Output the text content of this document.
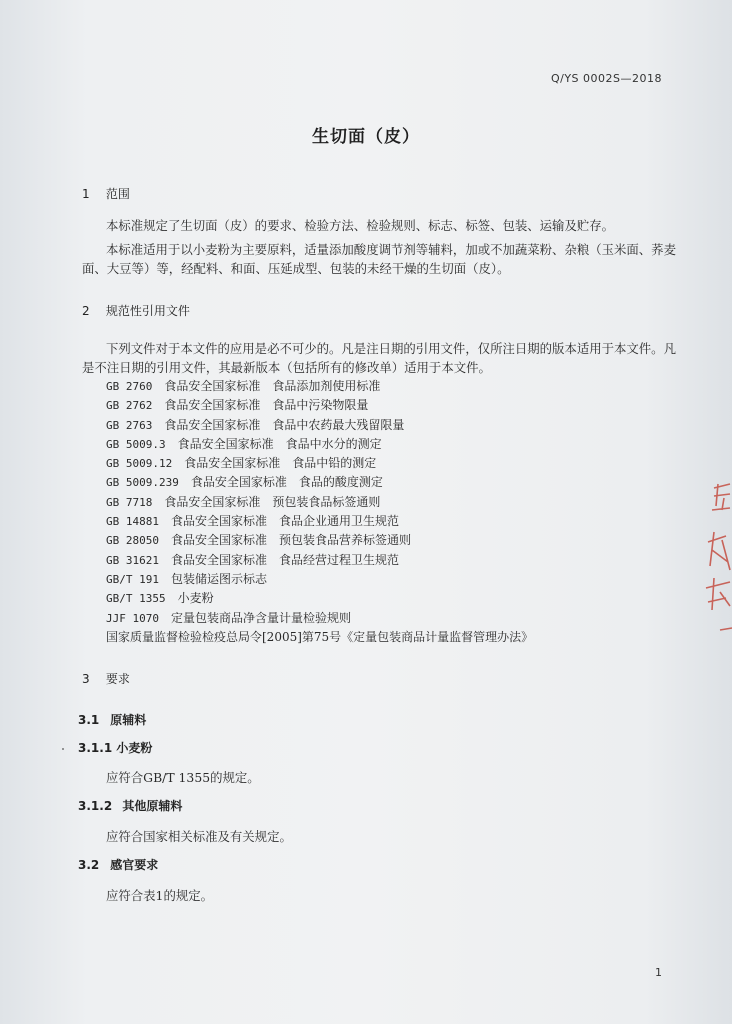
Q/YS 0002S—2018
生切面（皮）
1 范围
本标准规定了生切面（皮）的要求、检验方法、检验规则、标志、标签、包装、运输及贮存。
本标准适用于以小麦粉为主要原料，适量添加酸度调节剂等辅料，加或不加蔬菜粉、杂粮（玉米面、荞麦面、大豆等）等，经配料、和面、压延成型、包装的未经干燥的生切面（皮）。
2 规范性引用文件
下列文件对于本文件的应用是必不可少的。凡是注日期的引用文件，仅所注日期的版本适用于本文件。凡是不注日期的引用文件，其最新版本（包括所有的修改单）适用于本文件。
GB 2760　 食品安全国家标准　食品添加剂使用标准
GB 2762　 食品安全国家标准　食品中污染物限量
GB 2763　 食品安全国家标准　食品中农药最大残留限量
GB 5009.3　 食品安全国家标准　食品中水分的测定
GB 5009.12　 食品安全国家标准　食品中铅的测定
GB 5009.239　 食品安全国家标准　食品的酸度测定
GB 7718　 食品安全国家标准　预包装食品标签通则
GB 14881　 食品安全国家标准　食品企业通用卫生规范
GB 28050　 食品安全国家标准　预包装食品营养标签通则
GB 31621　 食品安全国家标准　食品经营过程卫生规范
GB/T 191　 包装储运图示标志
GB/T 1355　 小麦粉
JJF 1070　 定量包装商品净含量计量检验规则
国家质量监督检验检疫总局令[2005]第75号《定量包装商品计量监督管理办法》
3 要求
3.1 原辅料
3.1.1 小麦粉
应符合GB/T 1355的规定。
3.1.2 其他原辅料
应符合国家相关标准及有关规定。
3.2 感官要求
应符合表1的规定。
1
